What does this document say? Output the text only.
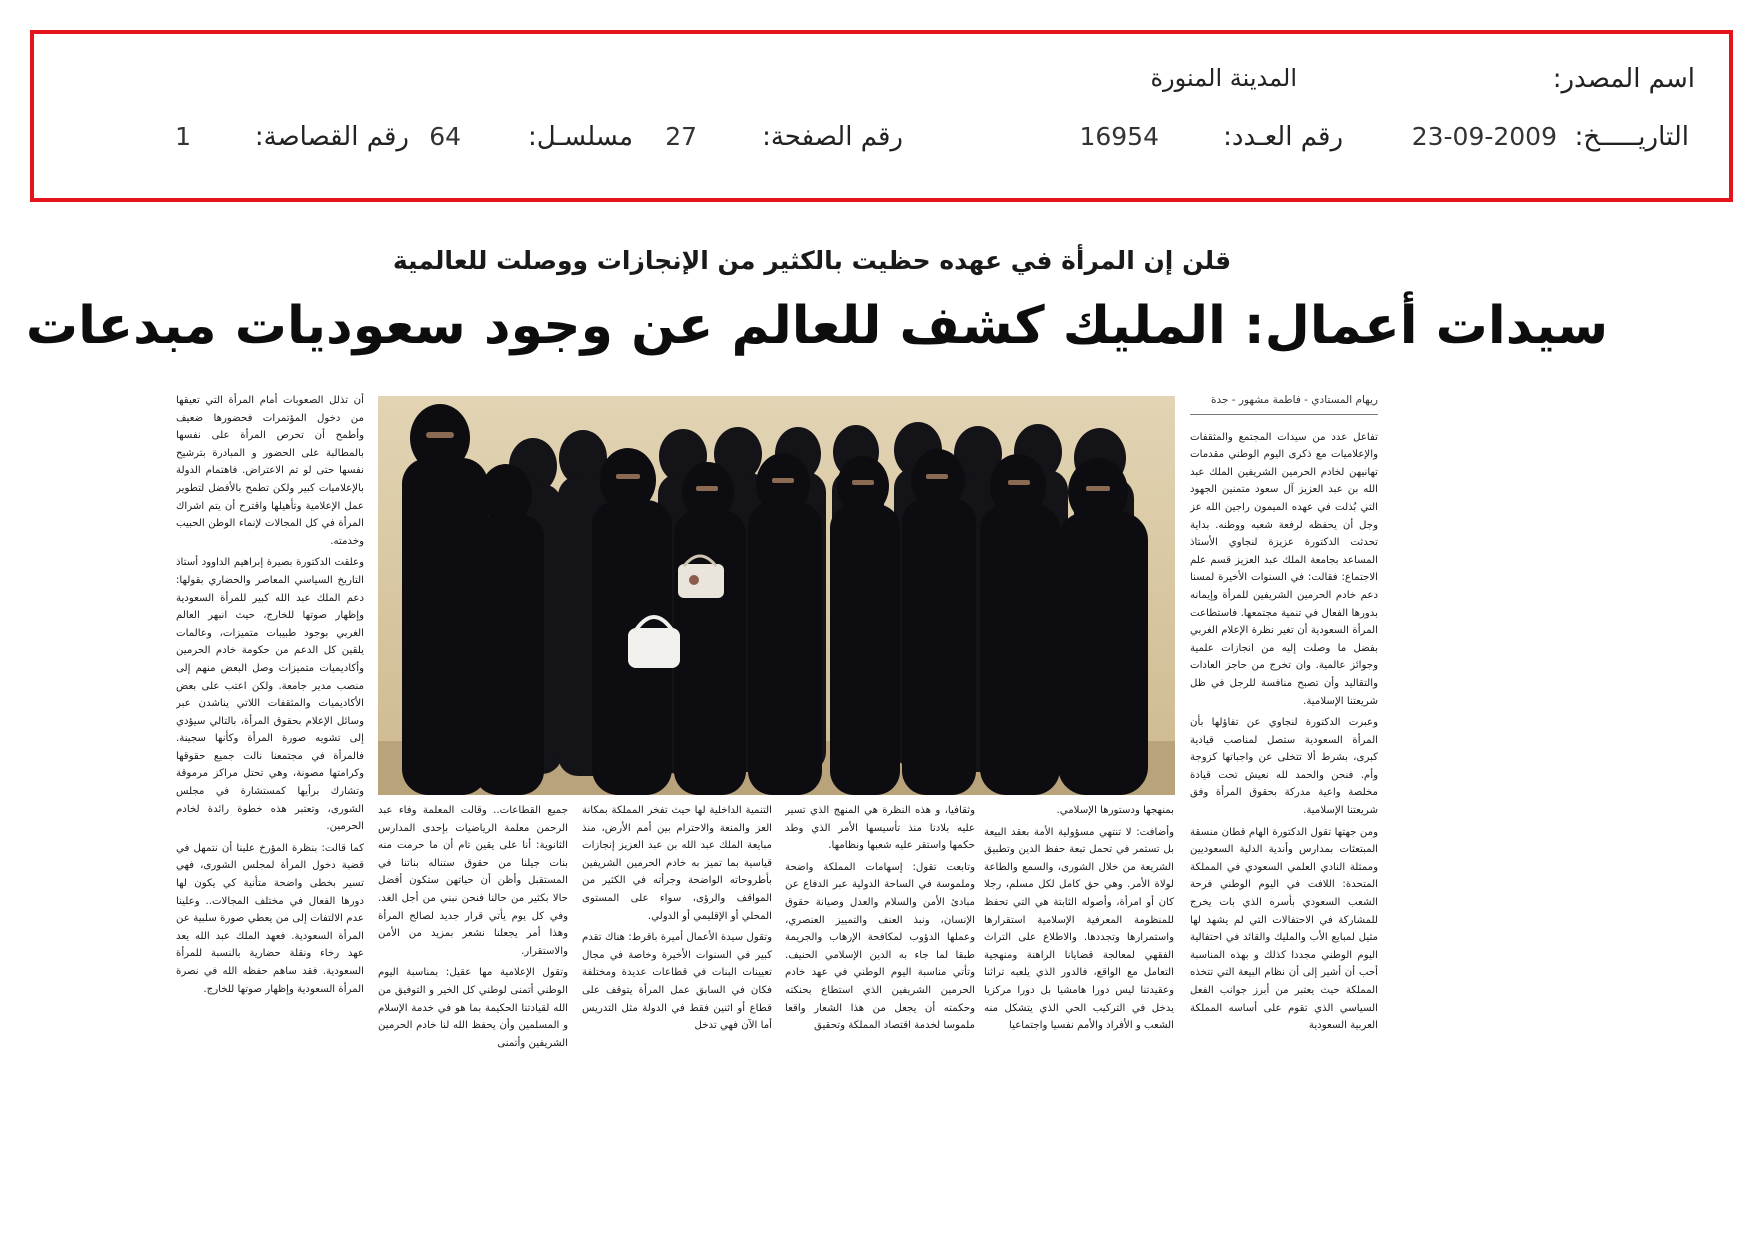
اسم المصدر:
المدينة المنورة
التاريـــــخ:
23-09-2009
رقم العـدد:
16954
رقم الصفحة:
27
مسلسـل:
64
رقم القصاصة:
1
قلن إن المرأة في عهده حظيت بالكثير من الإنجازات ووصلت للعالمية
سيدات أعمال: المليك كشف للعالم عن وجود سعوديات مبدعات
ريهام المستادي - فاطمة مشهور - جدة

تفاعل عدد من سيدات المجتمع والمثقفات والإعلاميات مع ذكرى اليوم الوطني مقدمات تهانيهن لخادم الحرمين الشريفين الملك عبد الله بن عبد العزيز آل سعود متمنين الجهود التي بُذلت في عهده الميمون راجين الله عز وجل أن يحفظه لرفعة شعبه ووطنه. بداية تحدثت الدكتورة عزيزة لنجاوي الأستاذ المساعد بجامعة الملك عبد العزيز قسم علم الاجتماع: فقالت: في السنوات الأخيرة لمسنا دعم خادم الحرمين الشريفين للمرأة وإيمانه بدورها الفعال في تنمية مجتمعها. فاستطاعت المرأة السعودية أن تغير نظرة الإعلام الغربي بفضل ما وصلت إليه من انجازات علمية وجوائز عالمية. وان تخرج من حاجز العادات والتقاليد وأن تصبح منافسة للرجل في ظل شريعتنا الإسلامية.

وعبرت الدكتورة لنجاوي عن تفاؤلها بأن المرأة السعودية ستصل لمناصب قيادية كبرى، بشرط ألا تتخلى عن واجباتها كزوجة وأم. فنحن والحمد لله نعيش تحت قيادة مخلصة واعية مدركة بحقوق المرأة وفق شريعتنا الإسلامية.

ومن جهتها تقول الدكتورة الهام قطان منسقة المبتعثات بمدارس وأندية الدلية السعوديين وممثلة النادي العلمي السعودي في المملكة المتحدة: اللافت في اليوم الوطني فرحة الشعب السعودي بأسره الذي بات يخرج للمشاركة في الاحتفالات التي لم يشهد لها مثيل لمبايع الأب والمليك والقائد في احتفالية اليوم الوطني مجددا كذلك و بهذه المناسبة أحب أن أشير إلى أن نظام البيعة التي تتخذه المملكة حيث يعتبر من أبرز جوانب الفعل السياسي الذي تقوم على أساسه المملكة العربية السعودية

بمنهجها ودستورها الإسلامي.

وأضافت: لا تنتهي مسؤولية الأمة بعقد البيعة بل تستمر في تحمل تبعة حفظ الدين وتطبيق الشريعة من خلال الشورى، والسمع والطاعة لولاة الأمر. وهي حق كامل لكل مسلم، رجلا كان أو امرأة، وأصوله الثابتة هي التي تحفظ للمنظومة المعرفية الإسلامية استقرارها واستمرارها وتجددها. والاطلاع على التراث الفقهي لمعالجة قضايانا الراهنة ومنهجية التعامل مع الواقع، فالدور الذي يلعبه تراثنا وعقيدتنا ليس دورا هامشيا بل دورا مركزيا يدخل في التركيب الحي الذي يتشكل منه الشعب و الأفراد والأمم نفسيا واجتماعيا

وثقافيا، و هذه النظرة هي المنهج الذي تسير عليه بلادنا منذ تأسيسها الأمر الذي وطد حكمها واستقر عليه شعبها ونظامها.

وتابعت تقول: إسهامات المملكة واضحة وملموسة في الساحة الدولية عبر الدفاع عن مبادئ الأمن والسلام والعدل وصيانة حقوق الإنسان، ونبذ العنف والتمييز العنصري، وعملها الدؤوب لمكافحة الإرهاب والجريمة طبقا لما جاء به الدين الإسلامي الحنيف. وتأتي مناسبة اليوم الوطني في عهد خادم الحرمين الشريفين الذي استطاع بحنكته وحكمته أن يجعل من هذا الشعار واقعا ملموسا لخدمة اقتصاد المملكة وتحقيق

التنمية الداخلية لها حيث تفخر المملكة بمكانة العز والمنعة والاحترام بين أمم الأرض، منذ مبايعة الملك عبد الله بن عبد العزيز إنجازات قياسية بما تميز به خادم الحرمين الشريفين بأطروحاته الواضحة وجرأته في الكثير من المواقف والرؤى، سواء على المستوى المحلي أو الإقليمي أو الدولي.

وتقول سيدة الأعمال أميرة باقرط: هناك تقدم كبير في السنوات الأخيرة وخاصة في مجال تعيينات البنات في قطاعات عديدة ومختلفة فكان في السابق عمل المرأة يتوقف على قطاع أو اثنين فقط في الدولة مثل التدريس أما الآن فهي تدخل

جميع القطاعات.. وقالت المعلمة وفاء عبد الرحمن معلمة الرياضيات بإحدى المدارس الثانوية: أنا على يقين تام أن ما حرمت منه بنات جيلنا من حقوق ستناله بناتنا في المستقبل وأظن أن حياتهن ستكون أفضل حالا بكثير من حالنا فنحن نبني من أجل الغد. وفي كل يوم يأتي قرار جديد لصالح المرأة وهذا أمر يجعلنا نشعر بمزيد من الأمن والاستقرار.

وتقول الإعلامية مها عقيل: بمناسبة اليوم الوطني أتمنى لوطني كل الخير و التوفيق من الله لقيادتنا الحكيمة بما هو في خدمة الإسلام و المسلمين وأن يحفظ الله لنا خادم الحرمين الشريفين وأتمنى

أن تذلل الصعوبات أمام المرأة التي تعيقها من دخول المؤتمرات فحضورها ضعيف وأطمح أن تحرص المرأة على نفسها بالمطالبة على الحضور و المبادرة بترشيح نفسها حتى لو تم الاعتراض. فاهتمام الدولة بالإعلاميات كبير ولكن تطمح بالأفضل لتطوير عمل الإعلامية وتأهيلها واقترح أن يتم اشراك المرأة في كل المجالات لإنماء الوطن الحبيب وخدمته.

وعلقت الدكتورة بصيرة إبراهيم الداوود أستاذ التاريخ السياسي المعاصر والحضاري بقولها: دعم الملك عبد الله كبير للمرأة السعودية وإظهار صوتها للخارج، حيث انبهر العالم الغربي بوجود طبيبات متميزات، وعالمات يلقين كل الدعم من حكومة خادم الحرمين وأكاديميات متميزات وصل البعض منهم إلى منصب مدير جامعة. ولكن اعتب على بعض الأكاديميات والمثقفات اللاتي يناشدن عبر وسائل الإعلام بحقوق المرأة، بالتالي سيؤدي إلى تشويه صورة المرأة وكأنها سجينة. فالمرأة في مجتمعنا نالت جميع حقوقها وكرامتها مصونة، وهي تحتل مراكز مرموقة وتشارك برأيها كمستشارة في مجلس الشورى، وتعتبر هذه خطوة رائدة لخادم الحرمين.

كما قالت: بنظرة المؤرخ علينا أن نتمهل في قضية دخول المرأة لمجلس الشورى، فهي تسير بخطى واضحة متأنية كي يكون لها دورها الفعال في مختلف المجالات.. وعلينا عدم الالتفات إلى من يعطي صورة سلبية عن المرأة السعودية. فعهد الملك عبد الله يعد عهد رخاء ونقلة حضارية بالنسبة للمرأة السعودية. فقد ساهم حفظه الله في نصرة المرأة السعودية وإظهار صوتها للخارج.
